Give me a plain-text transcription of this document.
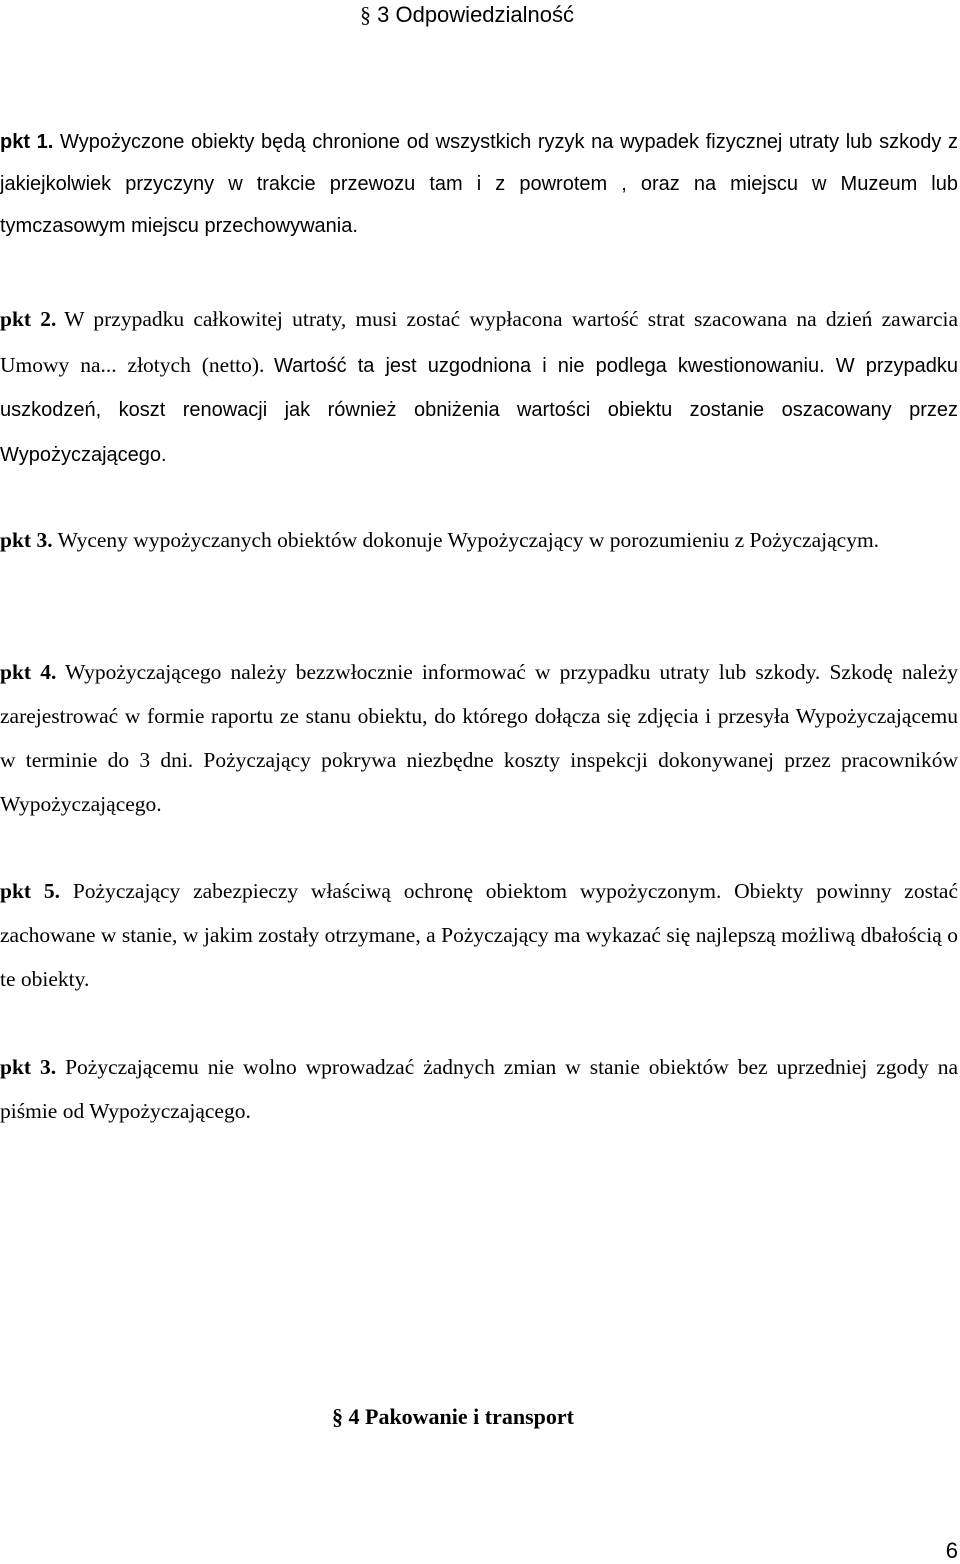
§ 3 Odpowiedzialność

pkt 1. Wypożyczone obiekty będą chronione od wszystkich ryzyk na wypadek fizycznej utraty lub szkody z jakiejkolwiek przyczyny w trakcie przewozu tam i z powrotem , oraz na miejscu w Muzeum lub tymczasowym miejscu przechowywania.

pkt 2. W przypadku całkowitej utraty, musi zostać wypłacona wartość strat szacowana na dzień zawarcia Umowy na... złotych (netto). Wartość ta jest uzgodniona i nie podlega kwestionowaniu. W przypadku uszkodzeń, koszt renowacji jak również obniżenia wartości obiektu zostanie oszacowany przez Wypożyczającego.

pkt 3. Wyceny wypożyczanych obiektów dokonuje Wypożyczający w porozumieniu z Pożyczającym.

pkt 4. Wypożyczającego należy bezzwłocznie informować w przypadku utraty lub szkody. Szkodę należy zarejestrować w formie raportu ze stanu obiektu, do którego dołącza się zdjęcia i przesyła Wypożyczającemu w terminie do 3 dni. Pożyczający pokrywa niezbędne koszty inspekcji dokonywanej przez pracowników Wypożyczającego.

pkt 5. Pożyczający zabezpieczy właściwą ochronę obiektom wypożyczonym. Obiekty powinny zostać zachowane w stanie, w jakim zostały otrzymane, a Pożyczający ma wykazać się najlepszą możliwą dbałością o te obiekty.

pkt 3. Pożyczającemu nie wolno wprowadzać żadnych zmian w stanie obiektów bez uprzedniej zgody na piśmie od Wypożyczającego.

§ 4 Pakowanie i transport
6
